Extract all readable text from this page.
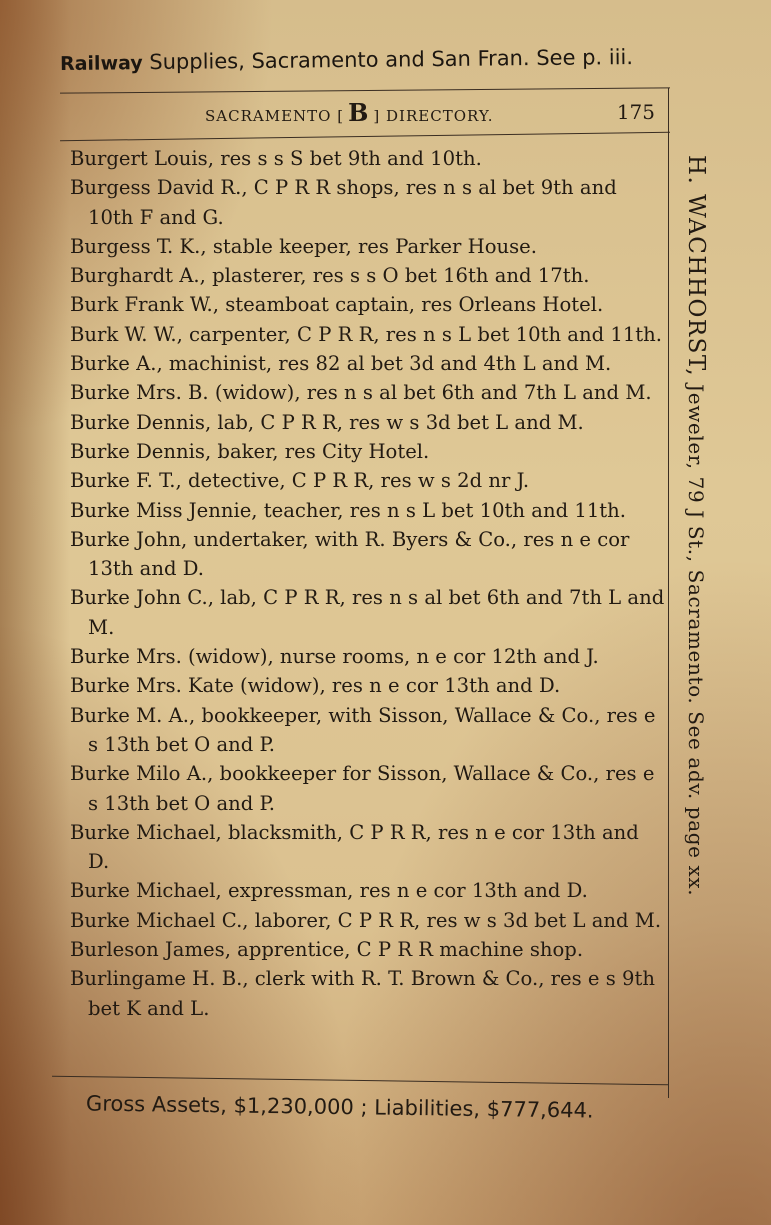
Railway Supplies, Sacramento and San Fran. See p. iii.
SACRAMENTO [ B ] DIRECTORY.	175
Burgert Louis, res s s S bet 9th and 10th.
Burgess David R., C P R R shops, res n s al bet 9th and 10th F and G.
Burgess T. K., stable keeper, res Parker House.
Burghardt A., plasterer, res s s O bet 16th and 17th.
Burk Frank W., steamboat captain, res Orleans Hotel.
Burk W. W., carpenter, C P R R, res n s L bet 10th and 11th.
Burke A., machinist, res 82 al bet 3d and 4th L and M.
Burke Mrs. B. (widow), res n s al bet 6th and 7th L and M.
Burke Dennis, lab, C P R R, res w s 3d bet L and M.
Burke Dennis, baker, res City Hotel.
Burke F. T., detective, C P R R, res w s 2d nr J.
Burke Miss Jennie, teacher, res n s L bet 10th and 11th.
Burke John, undertaker, with R. Byers & Co., res n e cor 13th and D.
Burke John C., lab, C P R R, res n s al bet 6th and 7th L and M.
Burke Mrs. (widow), nurse rooms, n e cor 12th and J.
Burke Mrs. Kate (widow), res n e cor 13th and D.
Burke M. A., bookkeeper, with Sisson, Wallace & Co., res e s 13th bet O and P.
Burke Milo A., bookkeeper for Sisson, Wallace & Co., res e s 13th bet O and P.
Burke Michael, blacksmith, C P R R, res n e cor 13th and D.
Burke Michael, expressman, res n e cor 13th and D.
Burke Michael C., laborer, C P R R, res w s 3d bet L and M.
Burleson James, apprentice, C P R R machine shop.
Burlingame H. B., clerk with R. T. Brown & Co., res e s 9th bet K and L.
Gross Assets, $1,230,000 ; Liabilities, $777,644.
H. WACHHORST, Jeweler, 79 J St., Sacramento. See adv. page xx.
